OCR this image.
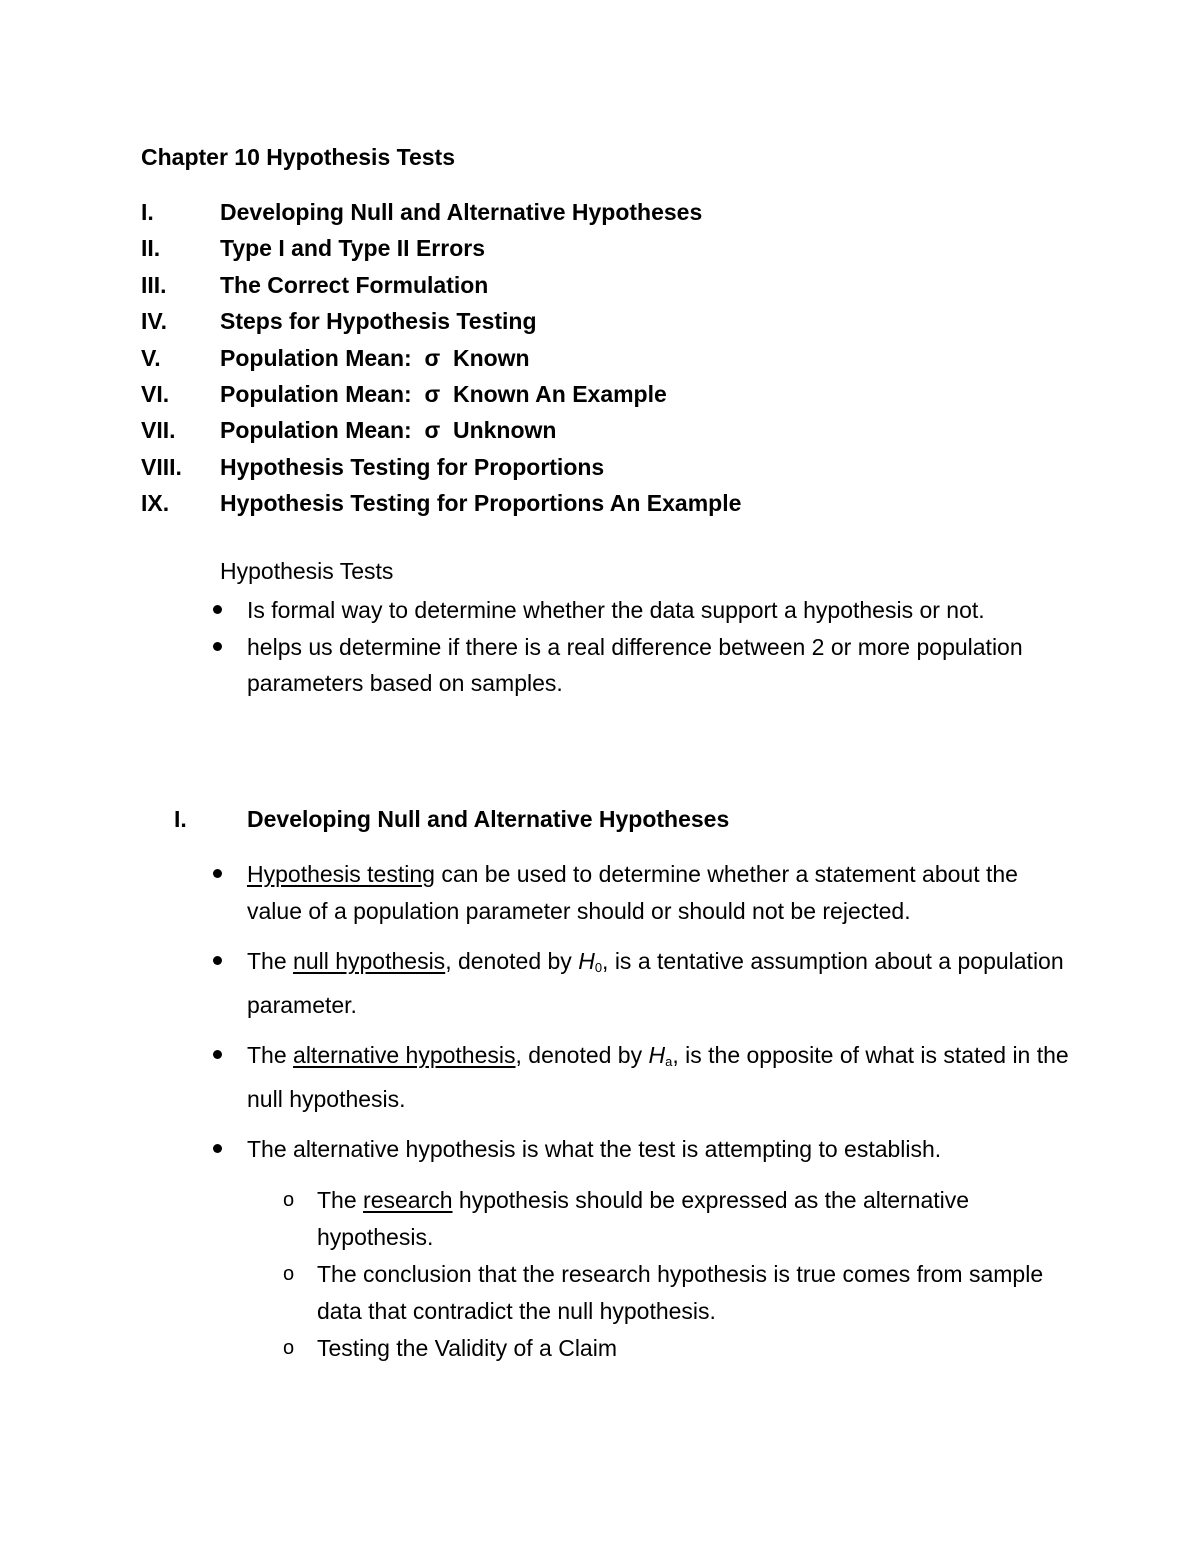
Chapter 10 Hypothesis Tests
I.	Developing Null and Alternative Hypotheses
II.	Type I and Type II Errors
III. The Correct Formulation
IV. Steps for Hypothesis Testing
V.	Population Mean:  σ  Known
VI. Population Mean:  σ  Known An Example
VII. Population Mean:  σ  Unknown
VIII. Hypothesis Testing for Proportions
IX. Hypothesis Testing for Proportions An Example
Hypothesis Tests
Is formal way to determine whether the data support a hypothesis or not.
helps us determine if there is a real difference between 2 or more population parameters based on samples.
I.	Developing Null and Alternative Hypotheses
Hypothesis testing can be used to determine whether a statement about the value of a population parameter should or should not be rejected.
The null hypothesis, denoted by $H_0$, is a tentative assumption about a population parameter.
The alternative hypothesis, denoted by $H_a$, is the opposite of what is stated in the null hypothesis.
The alternative hypothesis is what the test is attempting to establish.
o The research hypothesis should be expressed as the alternative hypothesis.
o The conclusion that the research hypothesis is true comes from sample data that contradict the null hypothesis.
o Testing the Validity of a Claim
